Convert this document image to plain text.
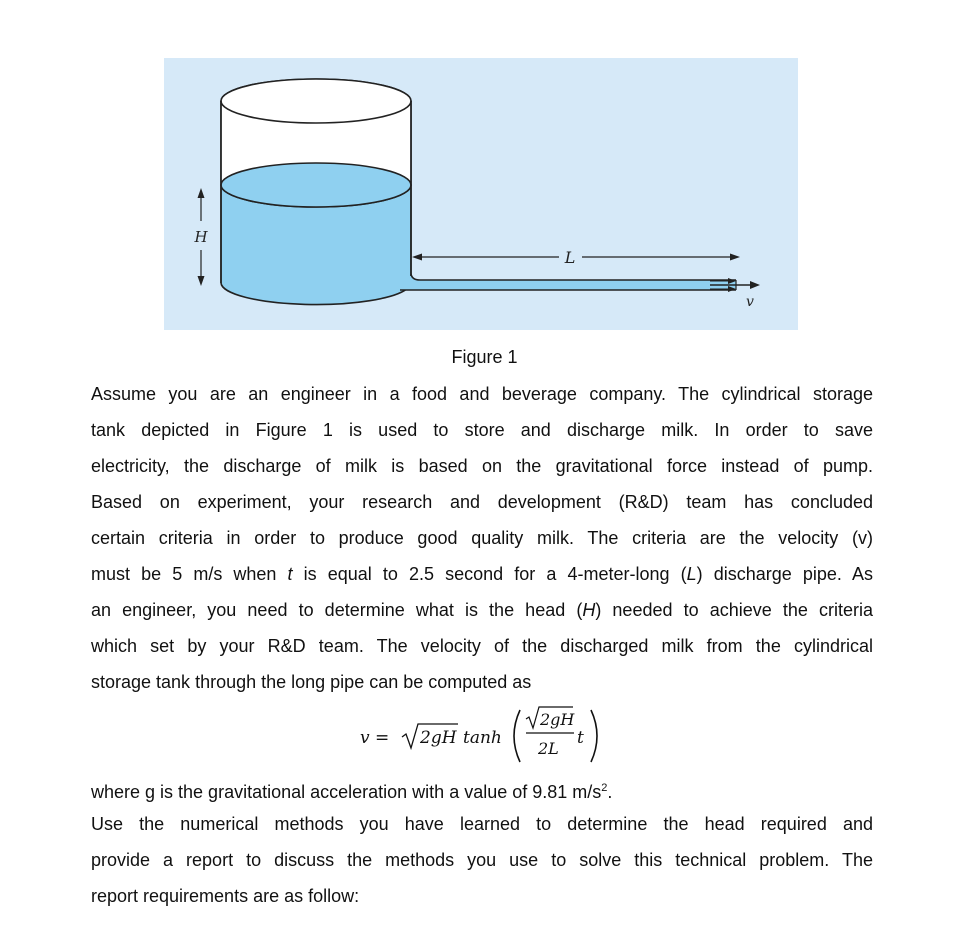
L
H
v
Figure 1
Assume you are an engineer in a food and beverage company. The cylindrical storage
tank depicted in Figure 1 is used to store and discharge milk. In order to save
electricity, the discharge of milk is based on the gravitational force instead of pump.
Based on experiment, your research and development (R&D) team has concluded
certain criteria in order to produce good quality milk. The criteria are the velocity (v)
must be 5 m/s when t is equal to 2.5 second for a 4-meter-long (L) discharge pipe. As
an engineer, you need to determine what is the head (H) needed to achieve the criteria
which set by your R&D team. The velocity of the discharged milk from the cylindrical
storage tank through the long pipe can be computed as
v = 2gH tanh
2gH
2L
t
where g is the gravitational acceleration with a value of 9.81 $m/s^2$.
Use the numerical methods you have learned to determine the head required and
provide a report to discuss the methods you use to solve this technical problem. The
report requirements are as follow:
